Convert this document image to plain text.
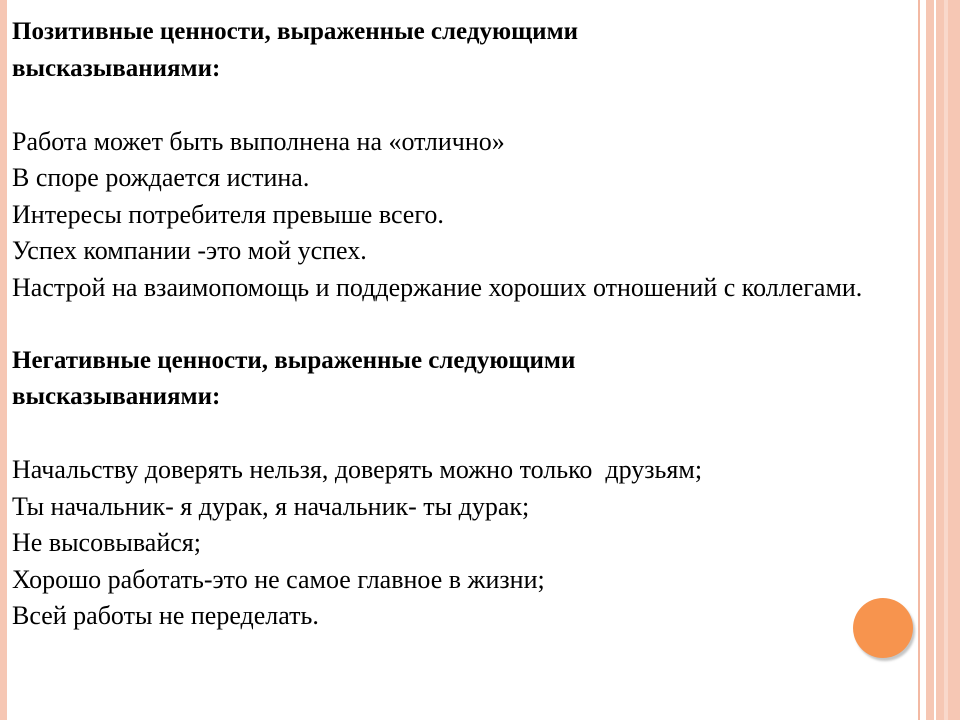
Позитивные ценности, выраженные следующими высказываниями:
Работа может быть выполнена на «отлично»
В споре рождается истина.
Интересы потребителя превыше всего.
Успех компании -это мой успех.
Настрой на взаимопомощь и поддержание хороших отношений с коллегами.
Негативные ценности, выраженные следующими высказываниями:
Начальству доверять нельзя, доверять можно только  друзьям;
Ты начальник- я дурак, я начальник- ты дурак;
Не высовывайся;
Хорошо работать-это не самое главное в жизни;
Всей работы не переделать.
